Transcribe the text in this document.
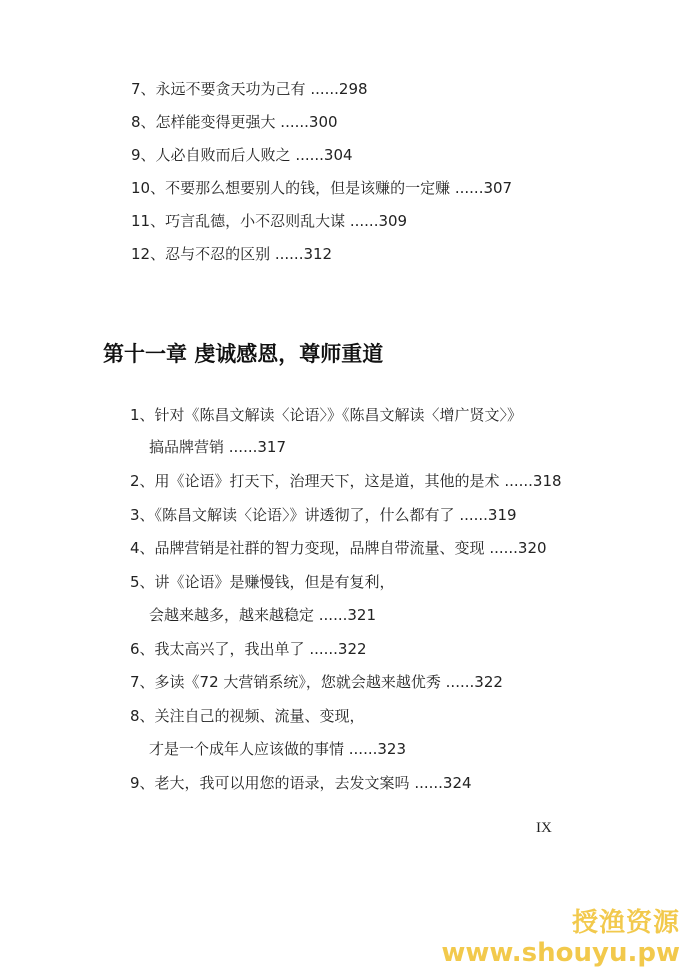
7、永远不要贪天功为己有 ......298
8、怎样能变得更强大 ......300
9、人必自败而后人败之 ......304
10、不要那么想要别人的钱，但是该赚的一定赚 ......307
11、巧言乱德，小不忍则乱大谋 ......309
12、忍与不忍的区别 ......312
第十一章 虔诚感恩，尊师重道
1、针对《陈昌文解读〈论语〉》《陈昌文解读〈增广贤文〉》
搞品牌营销 ......317
2、用《论语》打天下，治理天下，这是道，其他的是术 ......318
3、《陈昌文解读〈论语〉》讲透彻了，什么都有了 ......319
4、品牌营销是社群的智力变现，品牌自带流量、变现 ......320
5、讲《论语》是赚慢钱，但是有复利，
会越来越多，越来越稳定 ......321
6、我太高兴了，我出单了 ......322
7、多读《72 大营销系统》，您就会越来越优秀 ......322
8、关注自己的视频、流量、变现，
才是一个成年人应该做的事情 ......323
9、老大，我可以用您的语录，去发文案吗 ......324
IX
授渔资源
www.shouyu.pw
